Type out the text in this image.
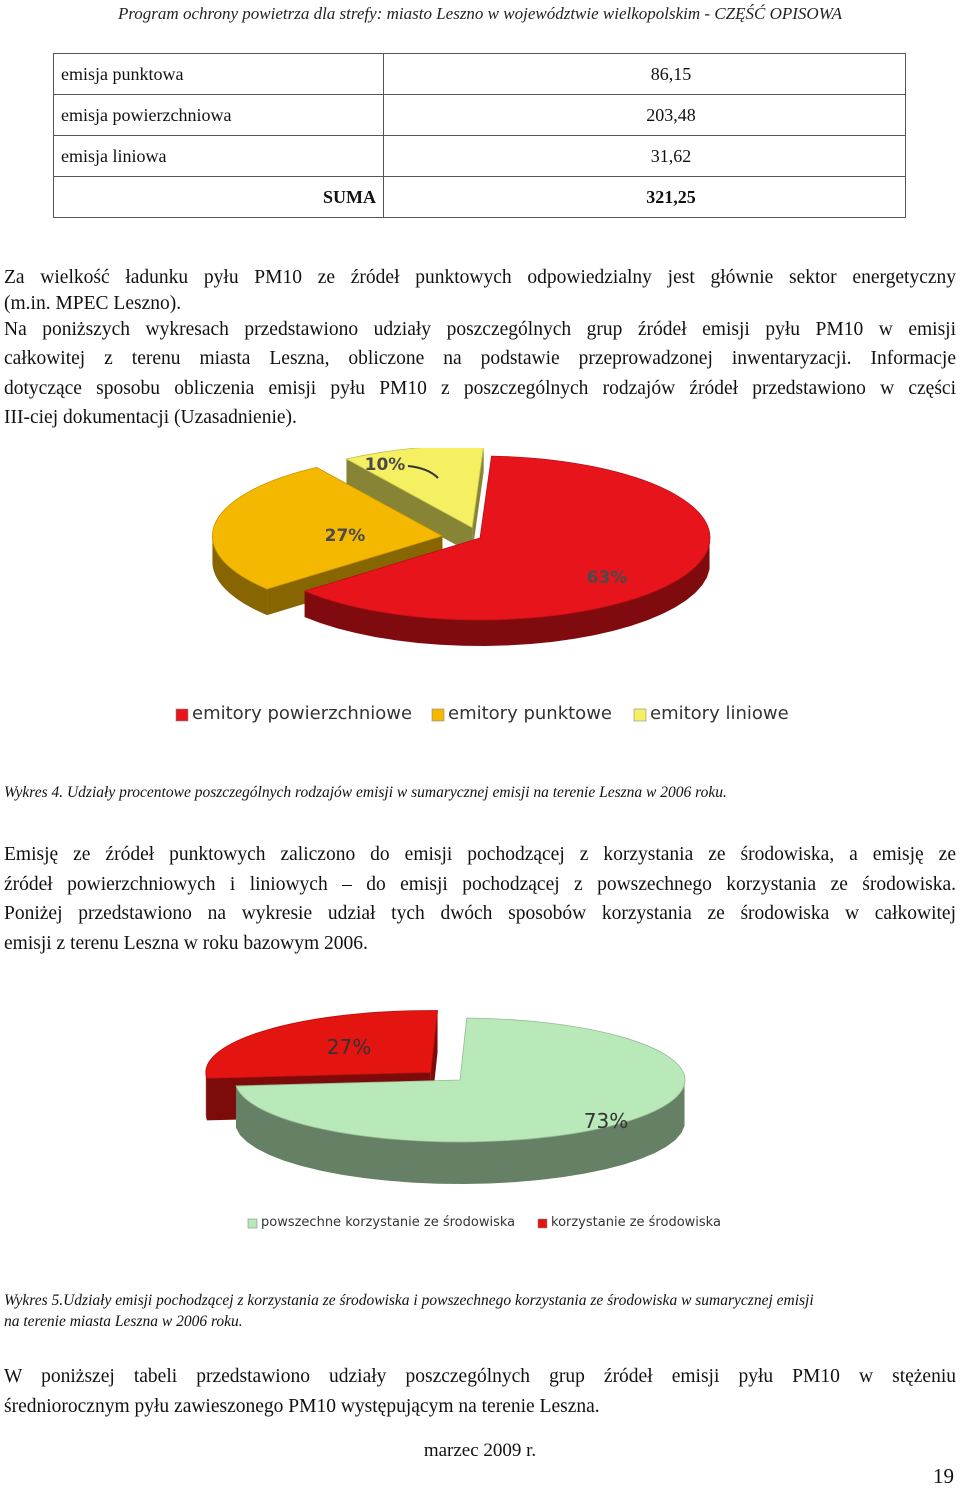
Program ochrony powietrza dla strefy: miasto Leszno w województwie wielkopolskim - CZĘŚĆ OPISOWA
emisja punktowa	86,15
emisja powierzchniowa	203,48
emisja liniowa	31,62
SUMA	321,25
Za wielkość ładunku pyłu PM10 ze źródeł punktowych odpowiedzialny jest głównie sektor energetyczny
(m.in. MPEC Leszno).
Na poniższych wykresach przedstawiono udziały poszczególnych grup źródeł emisji pyłu PM10 w emisji
całkowitej z terenu miasta Leszna, obliczone na podstawie przeprowadzonej inwentaryzacji. Informacje
dotyczące sposobu obliczenia emisji pyłu PM10 z poszczególnych rodzajów źródeł przedstawiono w części
III-ciej dokumentacji (Uzasadnienie).
63%
27%
10%
emitory powierzchniowe emitory punktowe emitory liniowe
Wykres 4. Udziały procentowe poszczególnych rodzajów emisji w sumarycznej emisji na terenie Leszna w 2006 roku.
Emisję ze źródeł punktowych zaliczono do emisji pochodzącej z korzystania ze środowiska, a emisję ze
źródeł powierzchniowych i liniowych – do emisji pochodzącej z powszechnego korzystania ze środowiska.
Poniżej przedstawiono na wykresie udział tych dwóch sposobów korzystania ze środowiska w całkowitej
emisji z terenu Leszna w roku bazowym 2006.
73%
27%
powszechne korzystanie ze środowiska	korzystanie ze środowiska
Wykres 5.Udziały emisji pochodzącej z korzystania ze środowiska i powszechnego korzystania ze środowiska w sumarycznej emisji
na terenie miasta Leszna w 2006 roku.
W poniższej tabeli przedstawiono udziały poszczególnych grup źródeł emisji pyłu PM10 w stężeniu
średniorocznym pyłu zawieszonego PM10 występującym na terenie Leszna.
marzec 2009 r.
19
